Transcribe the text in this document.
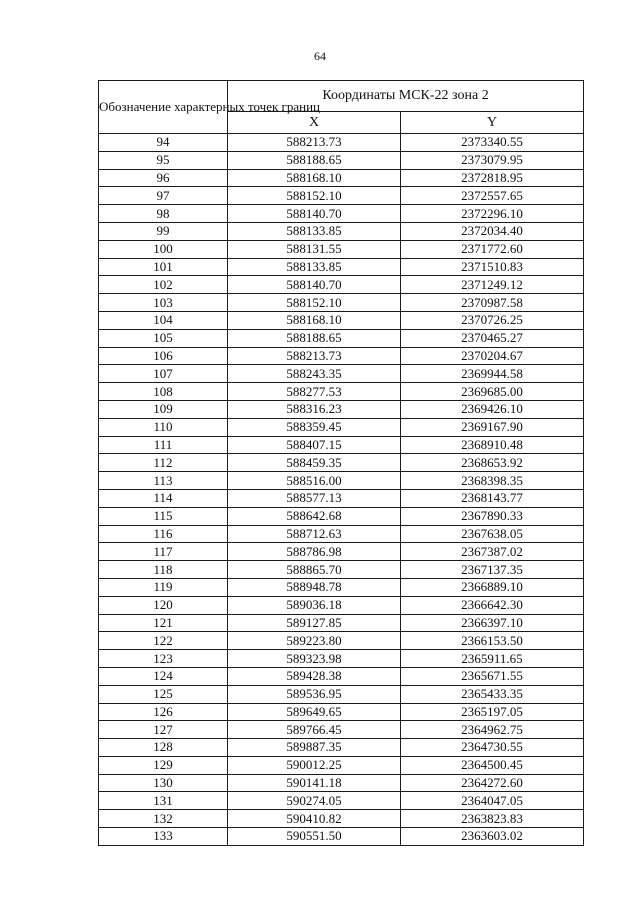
64
Обозначение характерных точек границ	Координаты МСК-22 зона 2	
	X	Y
94	588213.73	2373340.55
95	588188.65	2373079.95
96	588168.10	2372818.95
97	588152.10	2372557.65
98	588140.70	2372296.10
99	588133.85	2372034.40
100	588131.55	2371772.60
101	588133.85	2371510.83
102	588140.70	2371249.12
103	588152.10	2370987.58
104	588168.10	2370726.25
105	588188.65	2370465.27
106	588213.73	2370204.67
107	588243.35	2369944.58
108	588277.53	2369685.00
109	588316.23	2369426.10
110	588359.45	2369167.90
111	588407.15	2368910.48
112	588459.35	2368653.92
113	588516.00	2368398.35
114	588577.13	2368143.77
115	588642.68	2367890.33
116	588712.63	2367638.05
117	588786.98	2367387.02
118	588865.70	2367137.35
119	588948.78	2366889.10
120	589036.18	2366642.30
121	589127.85	2366397.10
122	589223.80	2366153.50
123	589323.98	2365911.65
124	589428.38	2365671.55
125	589536.95	2365433.35
126	589649.65	2365197.05
127	589766.45	2364962.75
128	589887.35	2364730.55
129	590012.25	2364500.45
130	590141.18	2364272.60
131	590274.05	2364047.05
132	590410.82	2363823.83
133	590551.50	2363603.02
